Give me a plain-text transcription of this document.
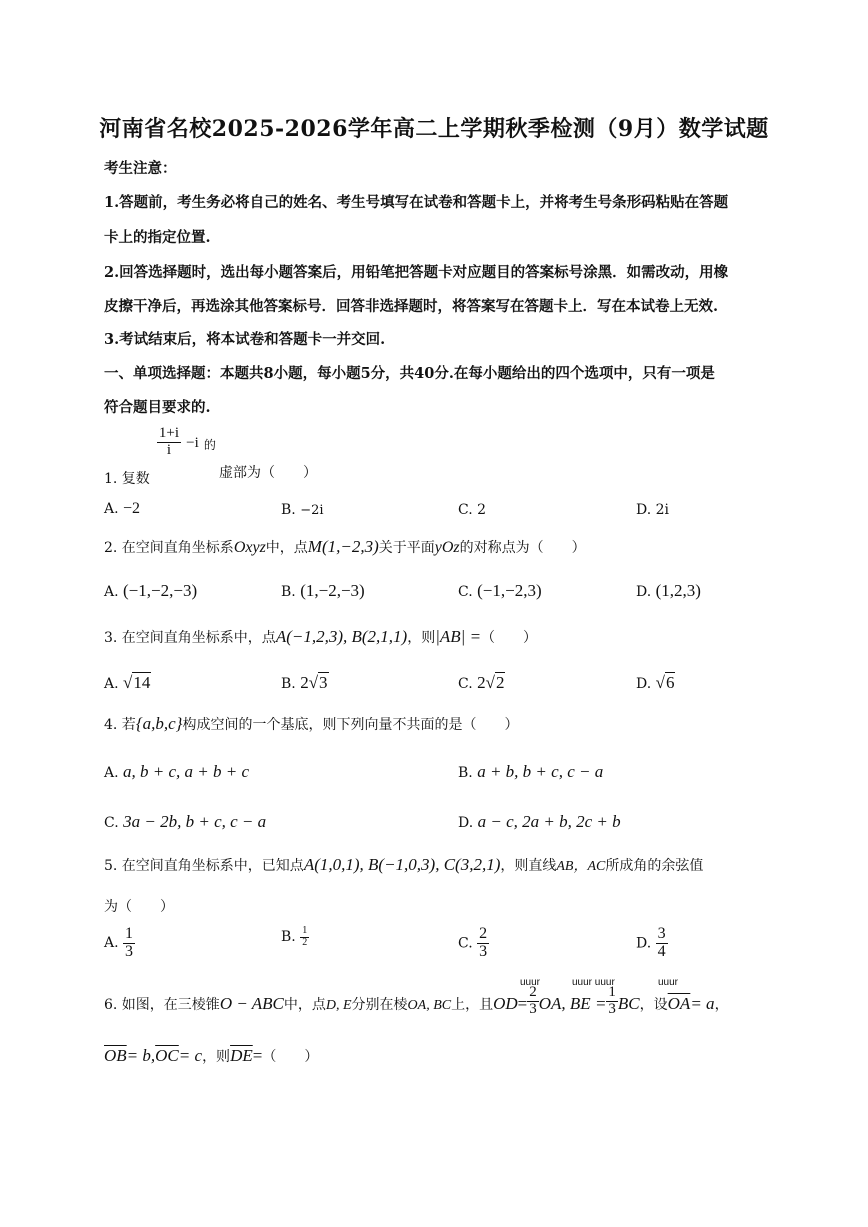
河南省名校2025-2026学年高二上学期秋季检测（9月）数学试题
考生注意：
1.答题前，考生务必将自己的姓名、考生号填写在试卷和答题卡上，并将考生号条形码粘贴在答题
卡上的指定位置.
2.回答选择题时，选出每小题答案后，用铅笔把答题卡对应题目的答案标号涂黑．如需改动，用橡
皮擦干净后，再选涂其他答案标号．回答非选择题时，将答案写在答题卡上．写在本试卷上无效.
3.考试结束后，将本试卷和答题卡一并交回.
一、单项选择题：本题共8小题，每小题5分，共40分.在每小题给出的四个选项中，只有一项是
符合题目要求的.
1. 复数
$\frac{1+i}{i} -i$ 的
虚部为（　　）
A. −2	B. −2i	C. 2	D. 2i
2. 在空间直角坐标系Oxyz中，点M(1,−2,3)关于平面yOz的对称点为（　　）
A. (−1,−2,−3)	B. (1,−2,−3)	C. (−1,−2,3)	D. (1,2,3)
3. 在空间直角坐标系中，点A(−1,2,3), B(2,1,1)，则|AB| =（　　）
A. √14	B. 2√3	C. 2√2	D. √6
4. 若{a,b,c}构成空间的一个基底，则下列向量不共面的是（　　）
A. a, b + c, a + b + c	B. a + b, b + c, c − a
C. 3a − 2b, b + c, c − a	D. a − c, 2a + b, 2c + b
5. 在空间直角坐标系中，已知点A(1,0,1), B(−1,0,3), C(3,2,1)，则直线AB，AC所成角的余弦值
为（　　）
A. $\frac{1}{3}$	B. $\frac{1}{2}$	C. $\frac{2}{3}$	D. $\frac{3}{4}$
6. 如图，在三棱锥O − ABC中，点D, E分别在棱OA, BC上，且$OD= \frac{2}{3}$ OA, BE = $\frac{1}{3}$ BC，设$\overline{OA}= a$，
uuur	uuur uuur	uuur
$\overline{OB}= b,\overline{OC}= c$，则$\overline{DE}=$（　　）
